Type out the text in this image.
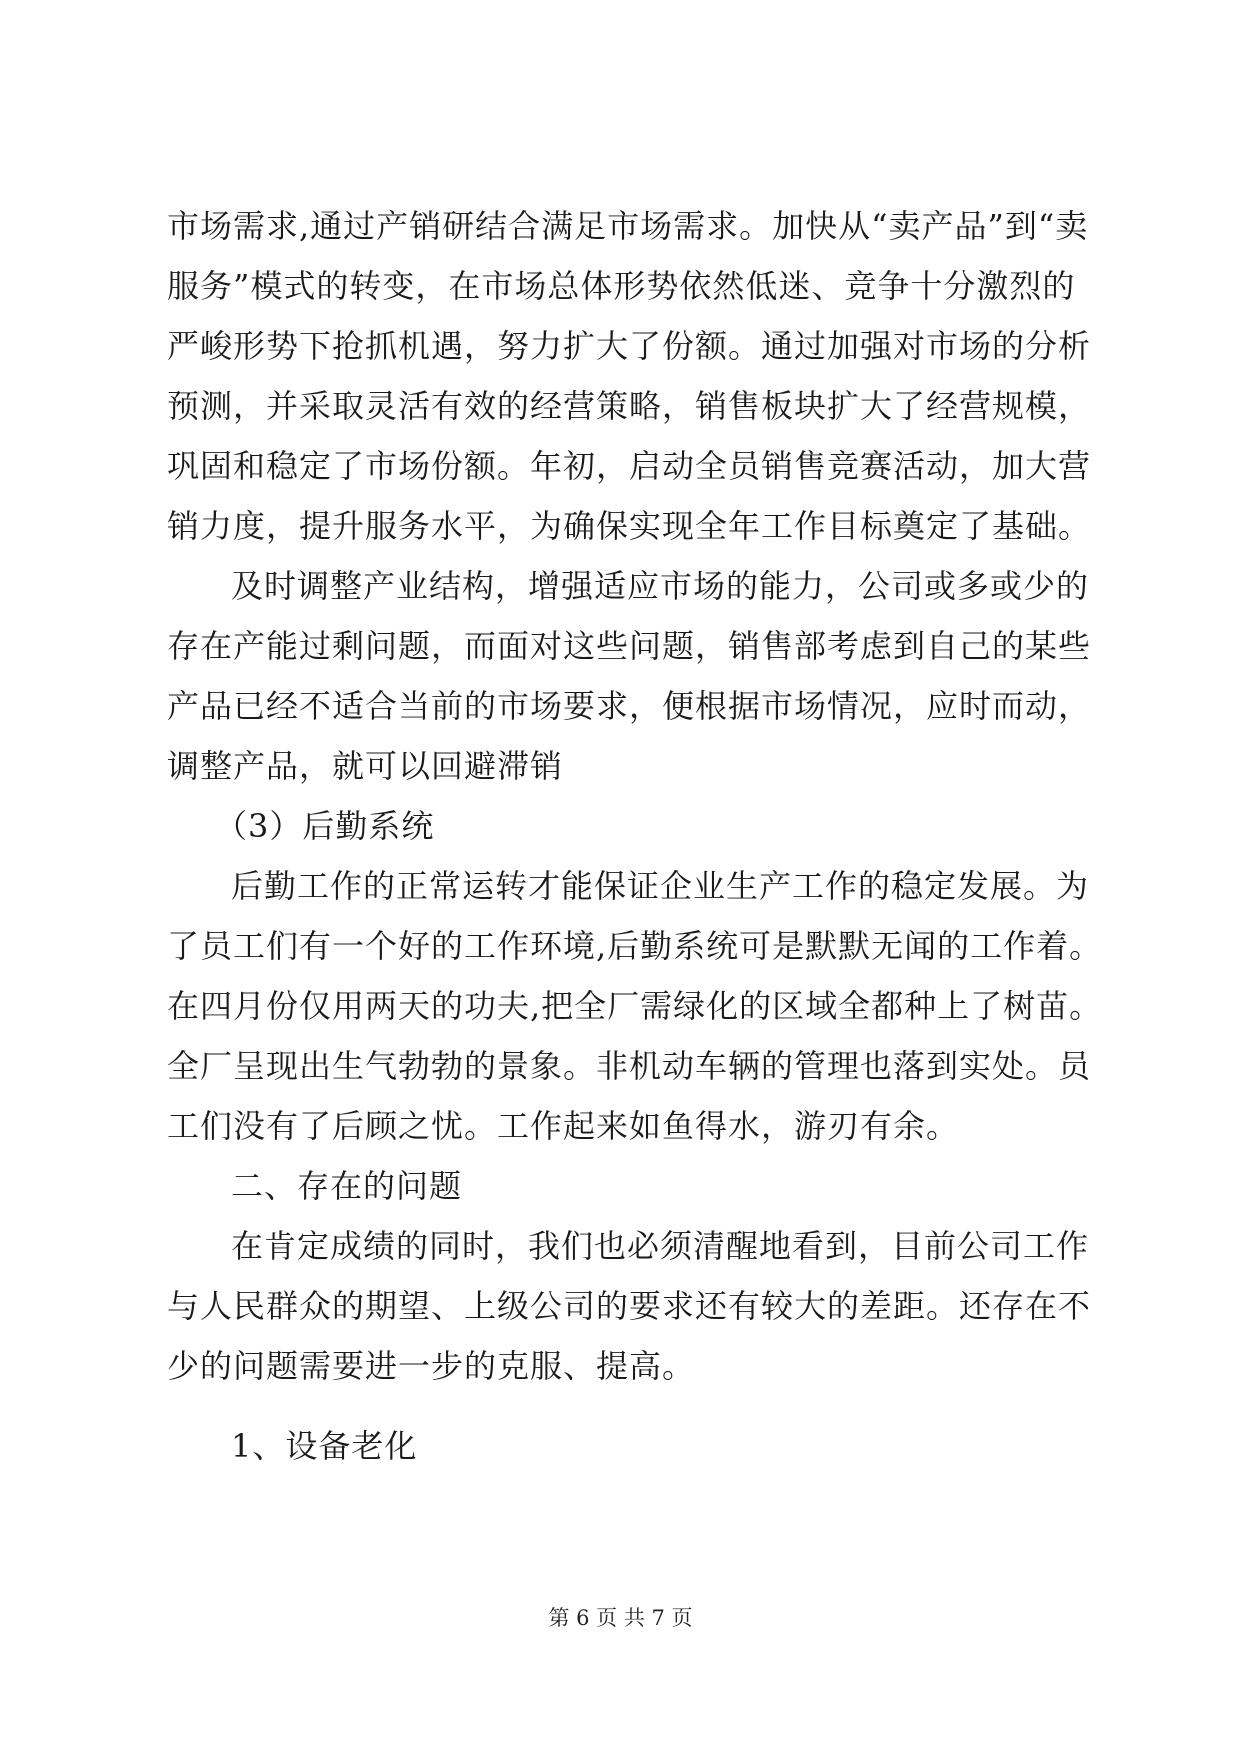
市场需求,通过产销研结合满足市场需求。加快从“卖产品”到“卖
服务”模式的转变，在市场总体形势依然低迷、竞争十分激烈的
严峻形势下抢抓机遇，努力扩大了份额。通过加强对市场的分析
预测，并采取灵活有效的经营策略，销售板块扩大了经营规模，
巩固和稳定了市场份额。年初，启动全员销售竞赛活动，加大营
销力度，提升服务水平，为确保实现全年工作目标奠定了基础。
及时调整产业结构，增强适应市场的能力，公司或多或少的
存在产能过剩问题，而面对这些问题，销售部考虑到自己的某些
产品已经不适合当前的市场要求，便根据市场情况，应时而动，
调整产品，就可以回避滞销
（3）后勤系统
后勤工作的正常运转才能保证企业生产工作的稳定发展。为
了员工们有一个好的工作环境,后勤系统可是默默无闻的工作着。
在四月份仅用两天的功夫,把全厂需绿化的区域全都种上了树苗。
全厂呈现出生气勃勃的景象。非机动车辆的管理也落到实处。员
工们没有了后顾之忧。工作起来如鱼得水，游刃有余。
二、存在的问题
在肯定成绩的同时，我们也必须清醒地看到，目前公司工作
与人民群众的期望、上级公司的要求还有较大的差距。还存在不
少的问题需要进一步的克服、提高。
1、设备老化
第 6 页 共 7 页
